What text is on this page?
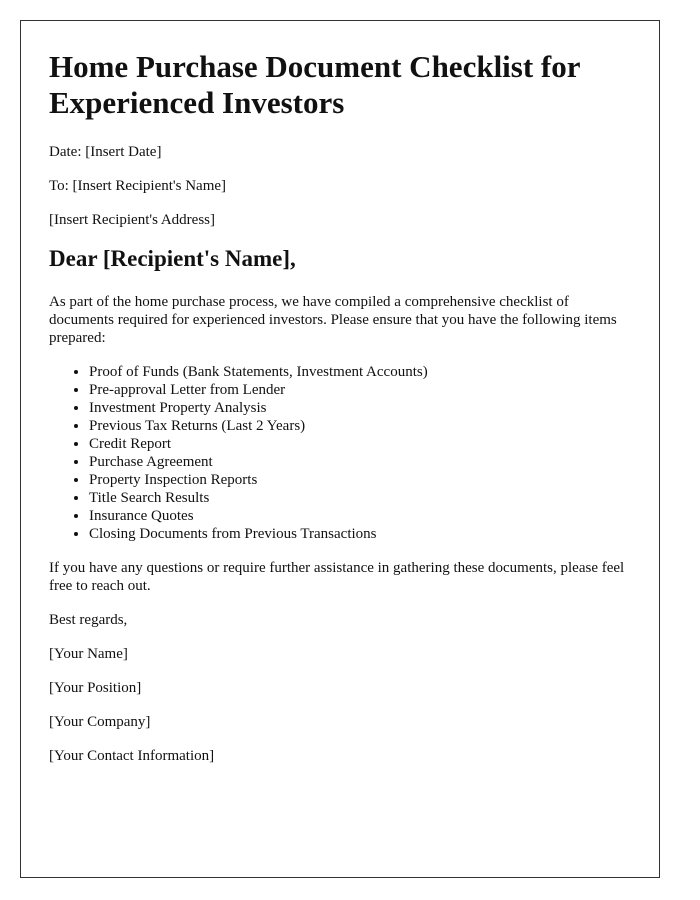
Home Purchase Document Checklist for Experienced Investors

Date: [Insert Date]

To: [Insert Recipient's Name]

[Insert Recipient's Address]

Dear [Recipient's Name],

As part of the home purchase process, we have compiled a comprehensive checklist of documents required for experienced investors. Please ensure that you have the following items prepared:

• Proof of Funds (Bank Statements, Investment Accounts)
• Pre-approval Letter from Lender
• Investment Property Analysis
• Previous Tax Returns (Last 2 Years)
• Credit Report
• Purchase Agreement
• Property Inspection Reports
• Title Search Results
• Insurance Quotes
• Closing Documents from Previous Transactions

If you have any questions or require further assistance in gathering these documents, please feel free to reach out.

Best regards,

[Your Name]

[Your Position]

[Your Company]

[Your Contact Information]
